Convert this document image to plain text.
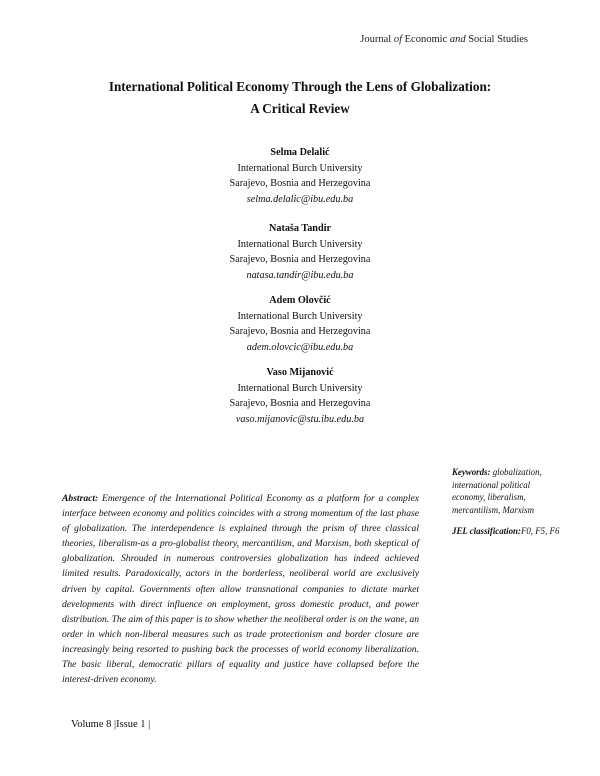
Journal of Economic and Social Studies
International Political Economy Through the Lens of Globalization:
A Critical Review
Selma Delalić
International Burch University
Sarajevo, Bosnia and Herzegovina
selma.delalic@ibu.edu.ba
Nataša Tandir
International Burch University
Sarajevo, Bosnia and Herzegovina
natasa.tandir@ibu.edu.ba
Adem Olovčić
International Burch University
Sarajevo, Bosnia and Herzegovina
adem.olovcic@ibu.edu.ba
Vaso Mijanović
International Burch University
Sarajevo, Bosnia and Herzegovina
vaso.mijanovic@stu.ibu.edu.ba
Keywords: globalization, international political economy, liberalism, mercantilism, Marxism
JEL classification:F0, F5, F6
Abstract: Emergence of the International Political Economy as a platform for a complex interface between economy and politics coincides with a strong momentum of the last phase of globalization. The interdependence is explained through the prism of three classical theories, liberalism-as a pro-globalist theory, mercantilism, and Marxism, both skeptical of globalization. Shrouded in numerous controversies globalization has indeed achieved limited results. Paradoxically, actors in the borderless, neoliberal world are exclusively driven by capital. Governments often allow transnational companies to dictate market developments with direct influence on employment, gross domestic product, and power distribution. The aim of this paper is to show whether the neoliberal order is on the wane, an order in which non-liberal measures such as trade protectionism and border closure are increasingly being resorted to pushing back the processes of world economy liberalization. The basic liberal, democratic pillars of equality and justice have collapsed before the interest-driven economy.
Volume 8 |Issue 1 |
